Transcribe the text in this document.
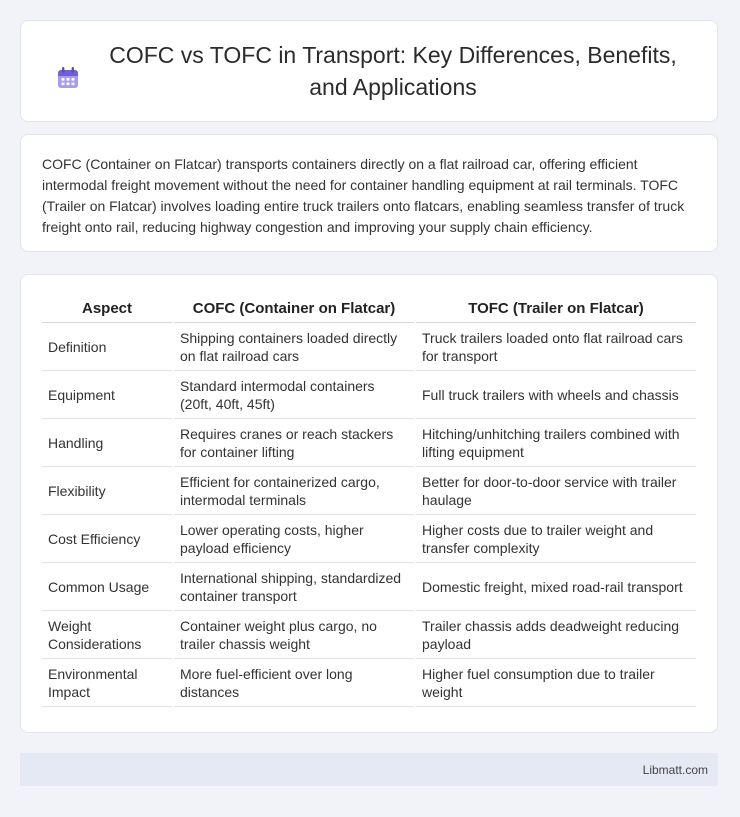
COFC vs TOFC in Transport: Key Differences, Benefits, and Applications

COFC (Container on Flatcar) transports containers directly on a flat railroad car, offering efficient intermodal freight movement without the need for container handling equipment at rail terminals. TOFC (Trailer on Flatcar) involves loading entire truck trailers onto flatcars, enabling seamless transfer of truck freight onto rail, reducing highway congestion and improving your supply chain efficiency.

Aspect	COFC (Container on Flatcar)	TOFC (Trailer on Flatcar)
Definition	Shipping containers loaded directly on flat railroad cars	Truck trailers loaded onto flat railroad cars for transport
Equipment	Standard intermodal containers (20ft, 40ft, 45ft)	Full truck trailers with wheels and chassis
Handling	Requires cranes or reach stackers for container lifting	Hitching/unhitching trailers combined with lifting equipment
Flexibility	Efficient for containerized cargo, intermodal terminals	Better for door-to-door service with trailer haulage
Cost Efficiency	Lower operating costs, higher payload efficiency	Higher costs due to trailer weight and transfer complexity
Common Usage	International shipping, standardized container transport	Domestic freight, mixed road-rail transport
Weight Considerations	Container weight plus cargo, no trailer chassis weight	Trailer chassis adds deadweight reducing payload
Environmental Impact	More fuel-efficient over long distances	Higher fuel consumption due to trailer weight
Libmatt.com
